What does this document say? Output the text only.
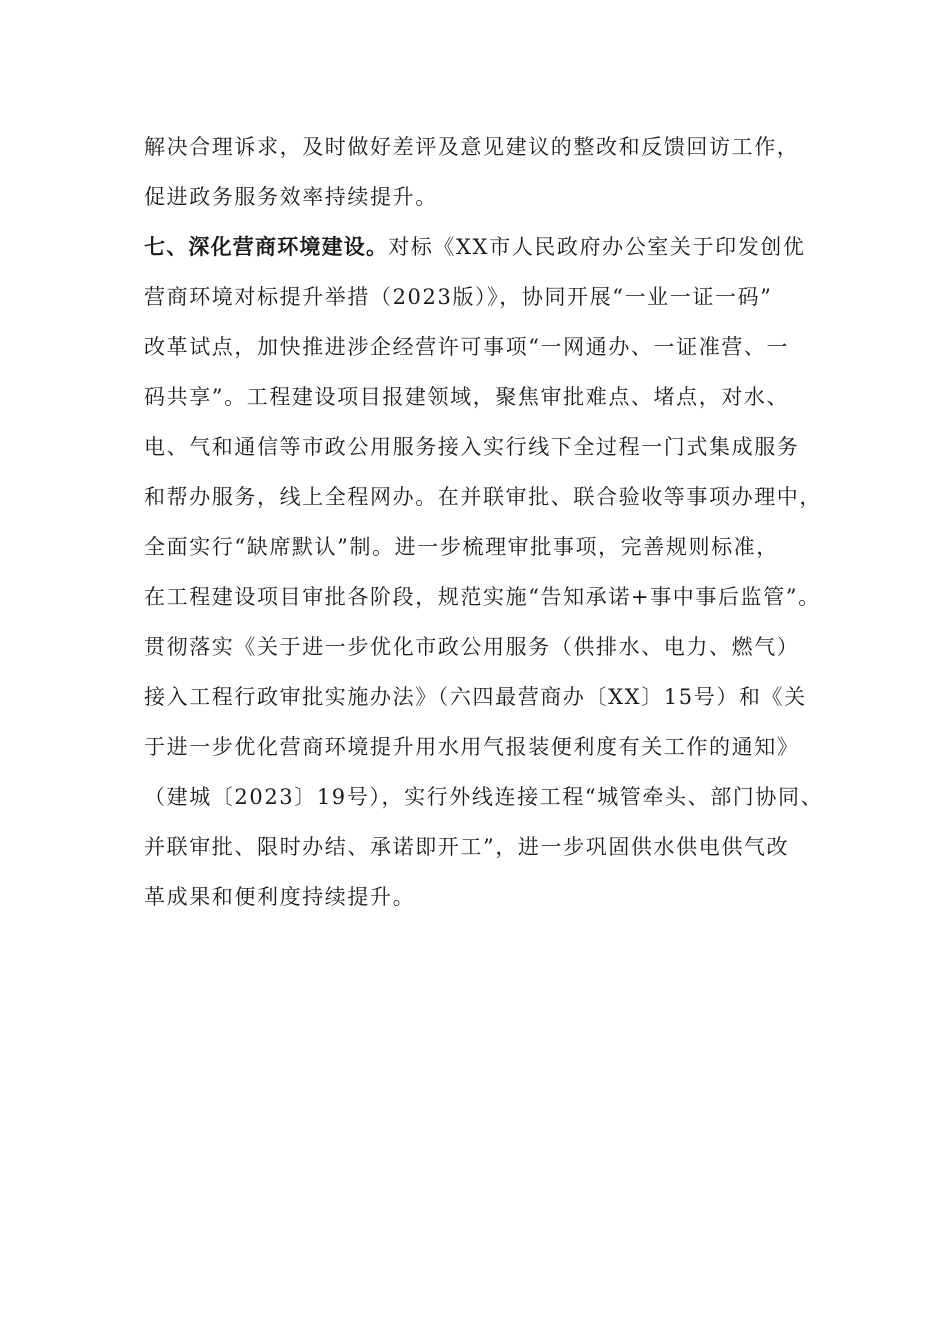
解决合理诉求，及时做好差评及意见建议的整改和反馈回访工作，
促进政务服务效率持续提升。
七、深化营商环境建设。对标《XX市人民政府办公室关于印发创优
营商环境对标提升举措（2023版）》，协同开展“一业一证一码”
改革试点，加快推进涉企经营许可事项“一网通办、一证准营、一
码共享”。工程建设项目报建领域，聚焦审批难点、堵点，对水、
电、气和通信等市政公用服务接入实行线下全过程一门式集成服务
和帮办服务，线上全程网办。在并联审批、联合验收等事项办理中，
全面实行“缺席默认”制。进一步梳理审批事项，完善规则标准，
在工程建设项目审批各阶段，规范实施“告知承诺+事中事后监管”。
贯彻落实《关于进一步优化市政公用服务（供排水、电力、燃气）
接入工程行政审批实施办法》（六四最营商办〔XX〕15号）和《关
于进一步优化营商环境提升用水用气报装便利度有关工作的通知》
（建城〔2023〕19号），实行外线连接工程“城管牵头、部门协同、
并联审批、限时办结、承诺即开工”，进一步巩固供水供电供气改
革成果和便利度持续提升。
